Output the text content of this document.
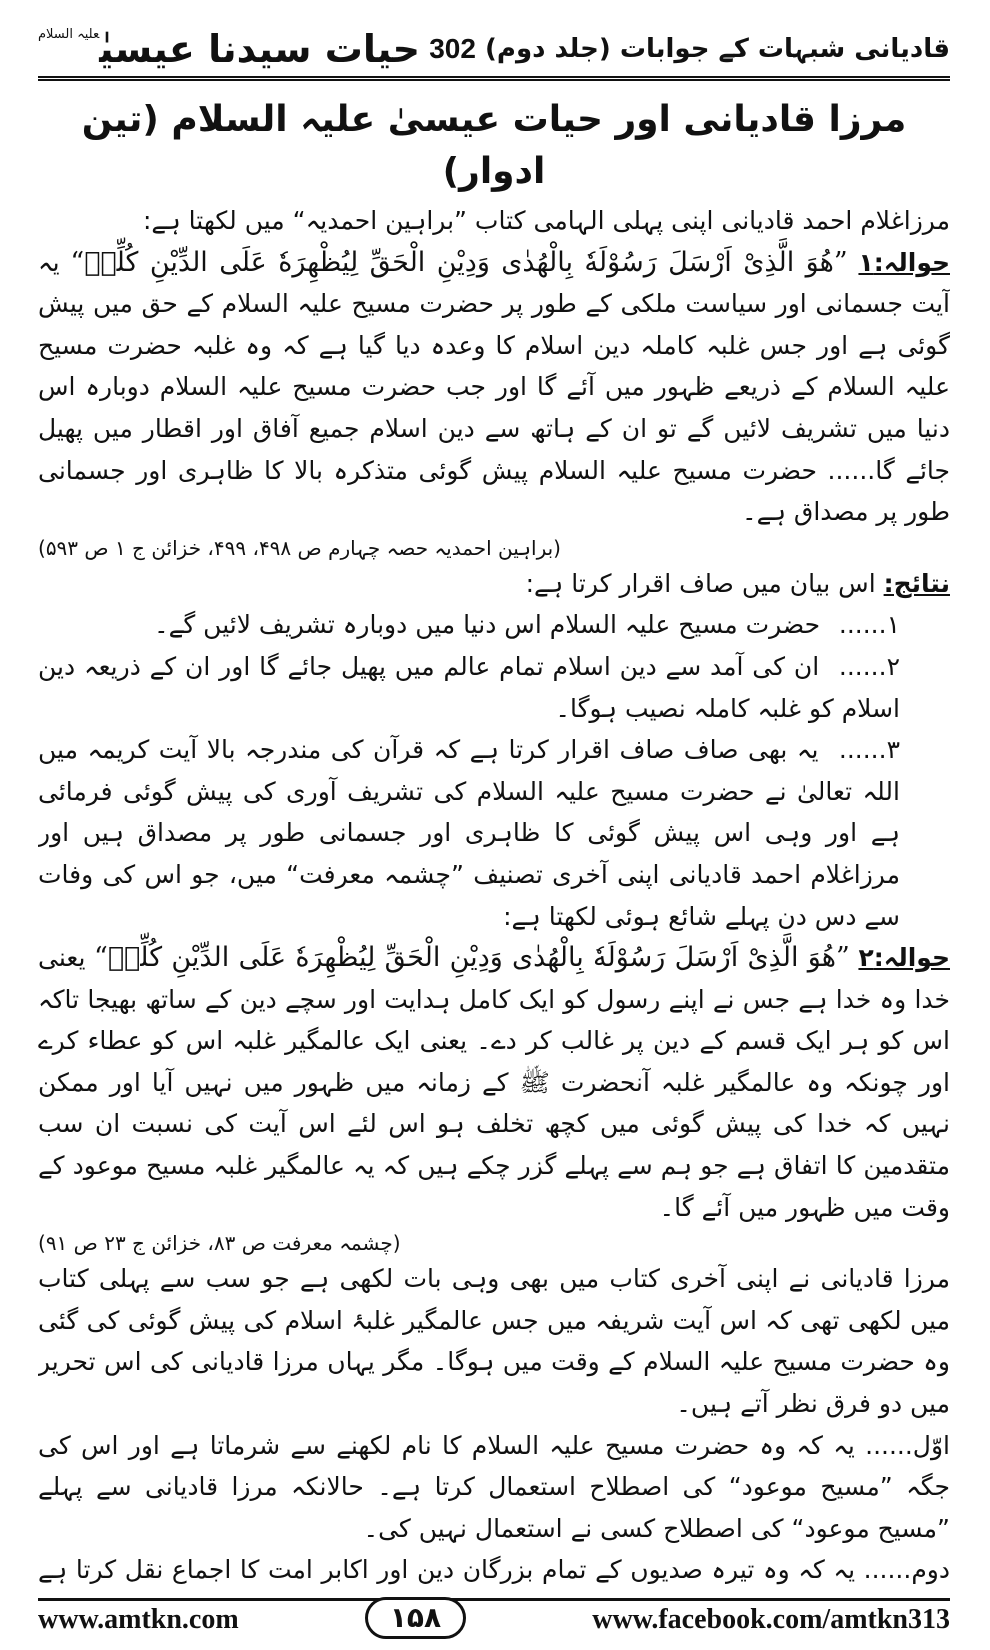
قادیانی شبہات کے جوابات (جلد دوم)
302
حیات سیدنا عیسیٰ$^{علیہ السلام}$
مرزا قادیانی اور حیات عیسیٰ علیہ السلام (تین ادوار)

مرزاغلام احمد قادیانی اپنی پہلی الہامی کتاب ”براہین احمدیہ“ میں لکھتا ہے:

حوالہ:۱ ”ھُوَ الَّذِیْ اَرْسَلَ رَسُوْلَهٗ بِالْهُدٰی وَدِیْنِ الْحَقِّ لِیُظْهِرَهٗ عَلَی الدِّیْنِ كُلِّهٖ“ یہ آیت جسمانی اور سیاست ملکی کے طور پر حضرت مسیح علیہ السلام کے حق میں پیش گوئی ہے اور جس غلبہ کاملہ دین اسلام کا وعدہ دیا گیا ہے کہ وہ غلبہ حضرت مسیح علیہ السلام کے ذریعے ظہور میں آئے گا اور جب حضرت مسیح علیہ السلام دوبارہ اس دنیا میں تشریف لائیں گے تو ان کے ہاتھ سے دین اسلام جمیع آفاق اور اقطار میں پھیل جائے گا...... حضرت مسیح علیہ السلام پیش گوئی متذکرہ بالا کا ظاہری اور جسمانی طور پر مصداق ہے۔

(براہین احمدیہ حصہ چہارم ص ۴۹۸، ۴۹۹، خزائن ج ۱ ص ۵۹۳)

نتائج: اس بیان میں صاف اقرار کرتا ہے:

۱...... حضرت مسیح علیہ السلام اس دنیا میں دوبارہ تشریف لائیں گے۔

۲...... ان کی آمد سے دین اسلام تمام عالم میں پھیل جائے گا اور ان کے ذریعہ دین اسلام کو غلبہ کاملہ نصیب ہوگا۔

۳...... یہ بھی صاف صاف اقرار کرتا ہے کہ قرآن کی مندرجہ بالا آیت کریمہ میں اللہ تعالیٰ نے حضرت مسیح علیہ السلام کی تشریف آوری کی پیش گوئی فرمائی ہے اور وہی اس پیش گوئی کا ظاہری اور جسمانی طور پر مصداق ہیں اور مرزاغلام احمد قادیانی اپنی آخری تصنیف ”چشمہ معرفت“ میں، جو اس کی وفات سے دس دن پہلے شائع ہوئی لکھتا ہے:

حوالہ:۲ ”ھُوَ الَّذِیْ اَرْسَلَ رَسُوْلَهٗ بِالْهُدٰی وَدِیْنِ الْحَقِّ لِیُظْهِرَهٗ عَلَی الدِّیْنِ كُلِّهٖ“ یعنی خدا وہ خدا ہے جس نے اپنے رسول کو ایک کامل ہدایت اور سچے دین کے ساتھ بھیجا تاکہ اس کو ہر ایک قسم کے دین پر غالب کر دے۔ یعنی ایک عالمگیر غلبہ اس کو عطاء کرے اور چونکہ وہ عالمگیر غلبہ آنحضرت ﷺ کے زمانہ میں ظہور میں نہیں آیا اور ممکن نہیں کہ خدا کی پیش گوئی میں کچھ تخلف ہو اس لئے اس آیت کی نسبت ان سب متقدمین کا اتفاق ہے جو ہم سے پہلے گزر چکے ہیں کہ یہ عالمگیر غلبہ مسیح موعود کے وقت میں ظہور میں آئے گا۔

(چشمہ معرفت ص ۸۳، خزائن ج ۲۳ ص ۹۱)

مرزا قادیانی نے اپنی آخری کتاب میں بھی وہی بات لکھی ہے جو سب سے پہلی کتاب میں لکھی تھی کہ اس آیت شریفہ میں جس عالمگیر غلبۂ اسلام کی پیش گوئی کی گئی وہ حضرت مسیح علیہ السلام کے وقت میں ہوگا۔ مگر یہاں مرزا قادیانی کی اس تحریر میں دو فرق نظر آتے ہیں۔

اوّل...... یہ کہ وہ حضرت مسیح علیہ السلام کا نام لکھنے سے شرماتا ہے اور اس کی جگہ ”مسیح موعود“ کی اصطلاح استعمال کرتا ہے۔ حالانکہ مرزا قادیانی سے پہلے ”مسیح موعود“ کی اصطلاح کسی نے استعمال نہیں کی۔

دوم...... یہ کہ وہ تیرہ صدیوں کے تمام بزرگان دین اور اکابر امت کا اجماع نقل کرتا ہے

www.amtkn.com	۱۵۸	www.facebook.com/amtkn313
